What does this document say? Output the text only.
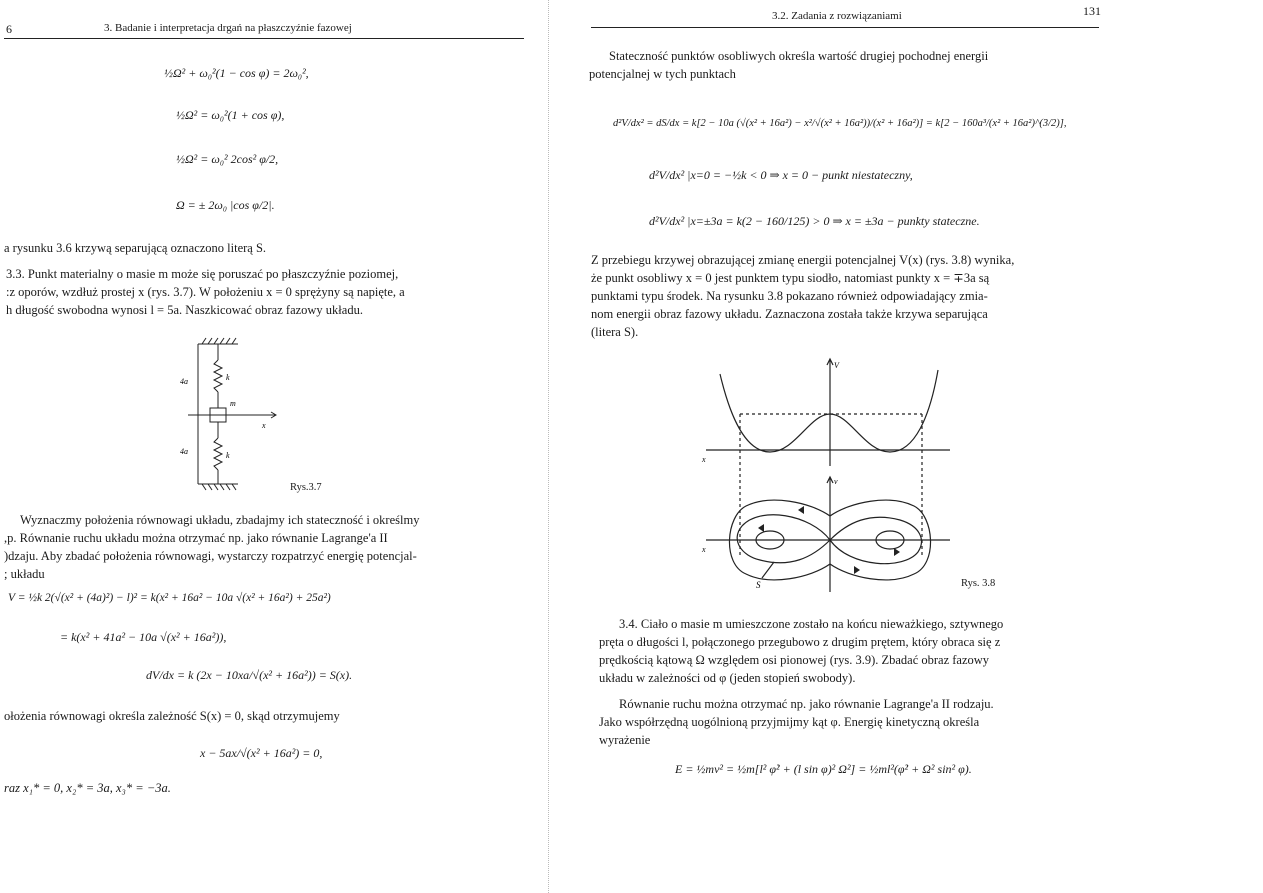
6	3. Badanie i interpretacja drgań na płaszczyźnie fazowej
½Ω² + ω₀²(1 − cos φ) = 2ω₀²,
½Ω² = ω₀²(1 + cos φ),
½Ω² = ω₀² 2cos² φ/2,
Ω = ± 2ω₀ |cos φ/2|.
a rysunku 3.6 krzywą separującą oznaczono literą S.
3.3. Punkt materialny o masie m może się poruszać po płaszczyźnie poziomej,
:z oporów, wzdłuż prostej x (rys. 3.7). W położeniu x = 0 sprężyny są napięte, a
h długość swobodna wynosi l = 5a. Naszkicować obraz fazowy układu.
4a
4a
k
k
m
x
Rys.3.7
Wyznaczmy położenia równowagi układu, zbadajmy ich stateczność i określmy
,p. Równanie ruchu układu można otrzymać np. jako równanie Lagrange'a II
)dzaju. Aby zbadać położenia równowagi, wystarczy rozpatrzyć energię potencjal-
; układu
V = ½k 2(√(x² + (4a)²) − l)² = k(x² + 16a² − 10a √(x² + 16a²) + 25a²)
= k(x² + 41a² − 10a √(x² + 16a²)),
dV/dx = k (2x − 10xa/√(x² + 16a²)) = S(x).
ołożenia równowagi określa zależność S(x) = 0, skąd otrzymujemy
x − 5ax/√(x² + 16a²) = 0,
raz x₁* = 0, x₂* = 3a, x₃* = −3a.
3.2. Zadania z rozwiązaniami	131
Stateczność punktów osobliwych określa wartość drugiej pochodnej energii
potencjalnej w tych punktach
d²V/dx² = dS/dx = k[2 − 10a (√(x² + 16a²) − x²/√(x² + 16a²))/(x² + 16a²)] = k[2 − 160a³/(x² + 16a²)^(3/2)],
d²V/dx² |x=0 = −½k < 0 ⇒ x = 0 − punkt niestateczny,
d²V/dx² |x=±3a = k(2 − 160/125) > 0 ⇒ x = ±3a − punkty stateczne.
Z przebiegu krzywej obrazującej zmianę energii potencjalnej V(x) (rys. 3.8) wynika,
że punkt osobliwy x = 0 jest punktem typu siodło, natomiast punkty x = ∓3a są
punktami typu środek. Na rysunku 3.8 pokazano również odpowiadający zmia-
nom energii obraz fazowy układu. Zaznaczona została także krzywa separująca
(litera S).
V
x
v
x
S	Rys. 3.8
3.4. Ciało o masie m umieszczone zostało na końcu nieważkiego, sztywnego
pręta o długości l, połączonego przegubowo z drugim prętem, który obraca się z
prędkością kątową Ω względem osi pionowej (rys. 3.9). Zbadać obraz fazowy
układu w zależności od φ (jeden stopień swobody).
Równanie ruchu można otrzymać np. jako równanie Lagrange'a II rodzaju.
Jako współrzędną uogólnioną przyjmijmy kąt φ. Energię kinetyczną określa
wyrażenie
E = ½mv² = ½m[l² φ̇² + (l sin φ)² Ω²] = ½ml²(φ̇² + Ω² sin² φ).
